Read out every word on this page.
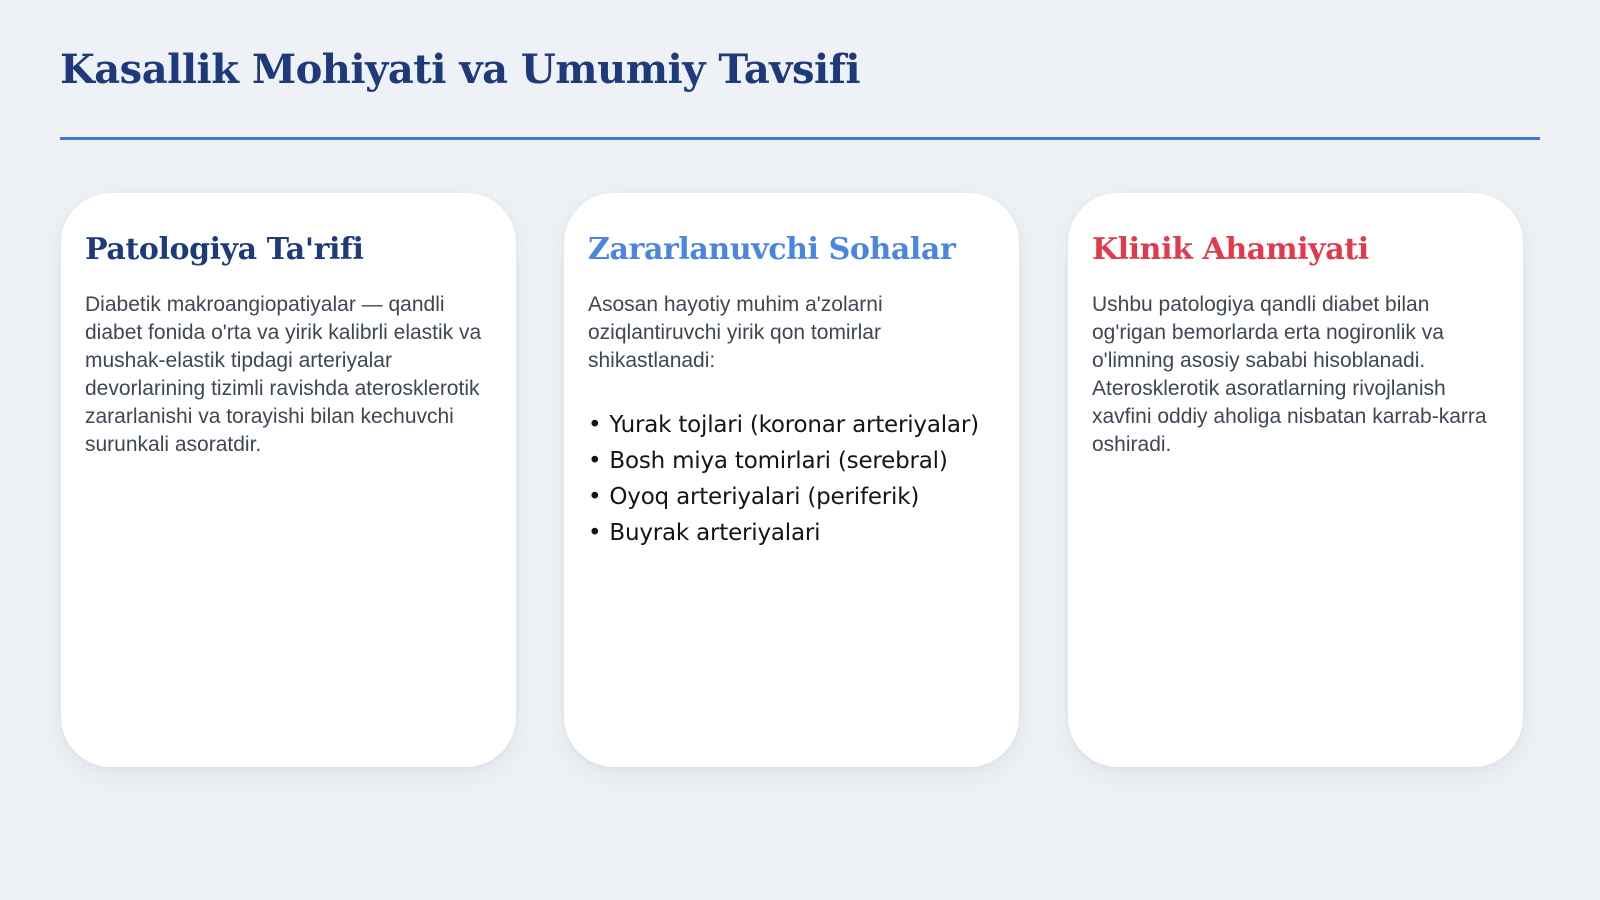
Kasallik Mohiyati va Umumiy Tavsifi
Patologiya Ta'rifi

Diabetik makroangiopatiyalar — qandli diabet fonida o'rta va yirik kalibrli elastik va mushak-elastik tipdagi arteriyalar devorlarining tizimli ravishda aterosklerotik zararlanishi va torayishi bilan kechuvchi surunkali asoratdir.

Zararlanuvchi Sohalar

Asosan hayotiy muhim a'zolarni oziqlantiruvchi yirik qon tomirlar shikastlanadi:

• Yurak tojlari (koronar arteriyalar)
• Bosh miya tomirlari (serebral)
• Oyoq arteriyalari (periferik)
• Buyrak arteriyalari
Klinik Ahamiyati

Ushbu patologiya qandli diabet bilan og'rigan bemorlarda erta nogironlik va o'limning asosiy sababi hisoblanadi. Aterosklerotik asoratlarning rivojlanish xavfini oddiy aholiga nisbatan karrab-karra oshiradi.
